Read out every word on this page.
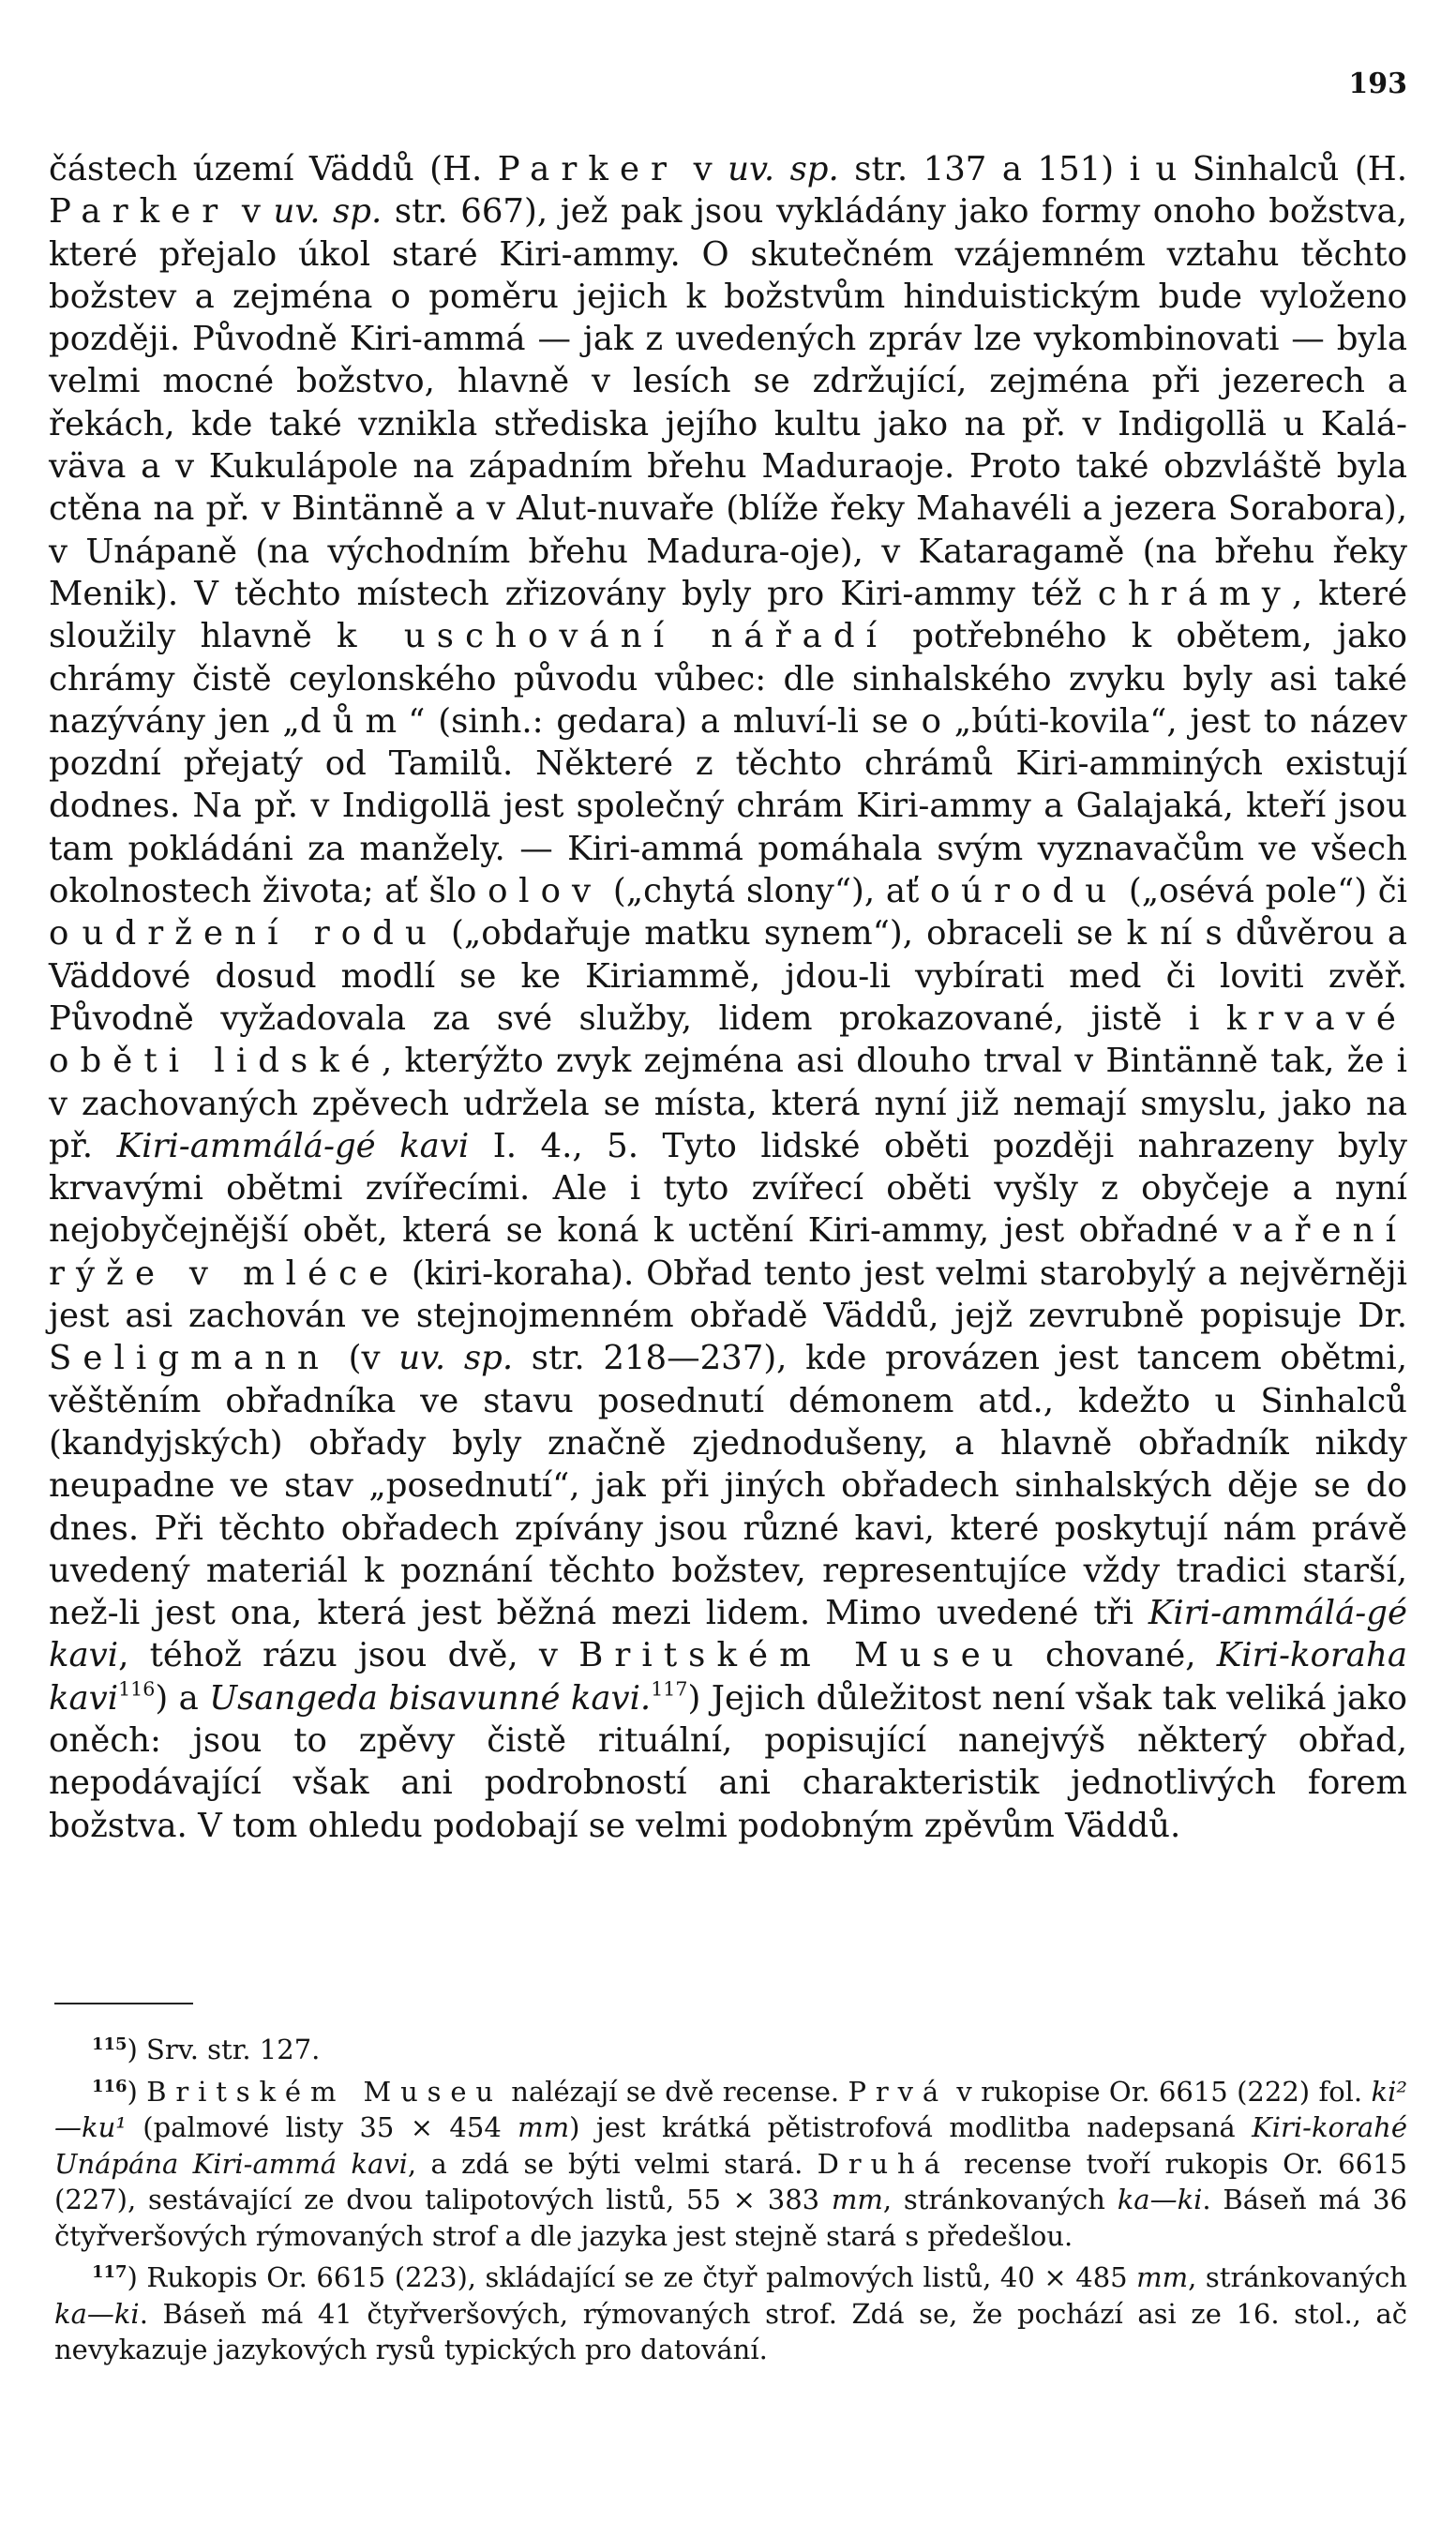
193

částech území Väddů (H. Parker v uv. sp. str. 137 a 151) i u Sinhalců (H. Parker v uv. sp. str. 667), jež pak jsou vykládány jako formy onoho božstva, které přejalo úkol staré Kiri-ammy. O skutečném vzájemném vztahu těchto božstev a zejména o poměru jejich k božstvům hinduistickým bude vyloženo později. Původně Kiri-ammá — jak z uvedených zpráv lze vykombinovati — byla velmi mocné božstvo, hlavně v lesích se zdržující, zejména při jezerech a řekách, kde také vznikla střediska jejího kultu jako na př. v Indigollä u Kalá-väva a v Kukulápole na západním břehu Maduraoje. Proto také obzvláště byla ctěna na př. v Bintänně a v Alut-nuvaře (blíže řeky Mahavéli a jezera Sorabora), v Unápaně (na východním břehu Madura-oje), v Kataragamě (na břehu řeky Menik). V těchto místech zřizovány byly pro Kiri-ammy též chrámy, které sloužily hlavně k uschování nářadí potřebného k obětem, jako chrámy čistě ceylonského původu vůbec: dle sinhalského zvyku byly asi také nazývány jen „dům“ (sinh.: gedara) a mluví-li se o „búti-kovila“, jest to název pozdní přejatý od Tamilů. Některé z těchto chrámů Kiri-amminých existují dodnes. Na př. v Indigollä jest společný chrám Kiri-ammy a Galajaká, kteří jsou tam pokládáni za manžely. — Kiri-ammá pomáhala svým vyznavačům ve všech okolnostech života; ať šlo o lov („chytá slony“), ať o úrodu („osévá pole“) či o udržení rodu („obdařuje matku synem“), obraceli se k ní s důvěrou a Väddové dosud modlí se ke Kiriammě, jdou-li vybírati med či loviti zvěř. Původně vyžadovala za své služby, lidem prokazované, jistě i krvavé oběti lidské, kterýžto zvyk zejména asi dlouho trval v Bintänně tak, že i v zachovaných zpěvech udržela se místa, která nyní již nemají smyslu, jako na př. Kiri-ammálá-gé kavi I. 4., 5. Tyto lidské oběti později nahrazeny byly krvavými obětmi zvířecími. Ale i tyto zvířecí oběti vyšly z obyčeje a nyní nejobyčejnější obět, která se koná k uctění Kiri-ammy, jest obřadné vaření rýže v mléce (kiri-koraha). Obřad tento jest velmi starobylý a nejvěrněji jest asi zachován ve stejnojmenném obřadě Väddů, jejž zevrubně popisuje Dr. Seligmann (v uv. sp. str. 218—237), kde provázen jest tancem obětmi, věštěním obřadníka ve stavu posednutí démonem atd., kdežto u Sinhalců (kandyjských) obřady byly značně zjednodušeny, a hlavně obřadník nikdy neupadne ve stav „posednutí“, jak při jiných obřadech sinhalských děje se do dnes. Při těchto obřadech zpívány jsou různé kavi, které poskytují nám právě uvedený materiál k poznání těchto božstev, representujíce vždy tradici starší, než-li jest ona, která jest běžná mezi lidem. Mimo uvedené tři Kiri-ammálá-gé kavi, téhož rázu jsou dvě, v Britském Museu chované, Kiri-koraha kavi$^{116}$) a Usangeda bisavunné kavi.$^{117}$) Jejich důležitost není však tak veliká jako oněch: jsou to zpěvy čistě rituální, popisující nanejvýš některý obřad, nepodávající však ani podrobností ani charakteristik jednotlivých forem božstva. V tom ohledu podobají se velmi podobným zpěvům Väddů.

$^{115}$) Srv. str. 127.

$^{116}$) Britském Museu nalézají se dvě recense. Prvá v rukopise Or. 6615 (222) fol. ki²—ku¹ (palmové listy 35 × 454 mm) jest krátká pětistrofová modlitba nadepsaná Kiri-korahé Unápána Kiri-ammá kavi, a zdá se býti velmi stará. Druhá recense tvoří rukopis Or. 6615 (227), sestávající ze dvou talipotových listů, 55 × 383 mm, stránkovaných ka—ki. Báseň má 36 čtyřveršových rýmovaných strof a dle jazyka jest stejně stará s předešlou.

$^{117}$) Rukopis Or. 6615 (223), skládající se ze čtyř palmových listů, 40 × 485 mm, stránkovaných ka—ki. Báseň má 41 čtyřveršových, rýmovaných strof. Zdá se, že pochází asi ze 16. stol., ač nevykazuje jazykových rysů typických pro datování.
